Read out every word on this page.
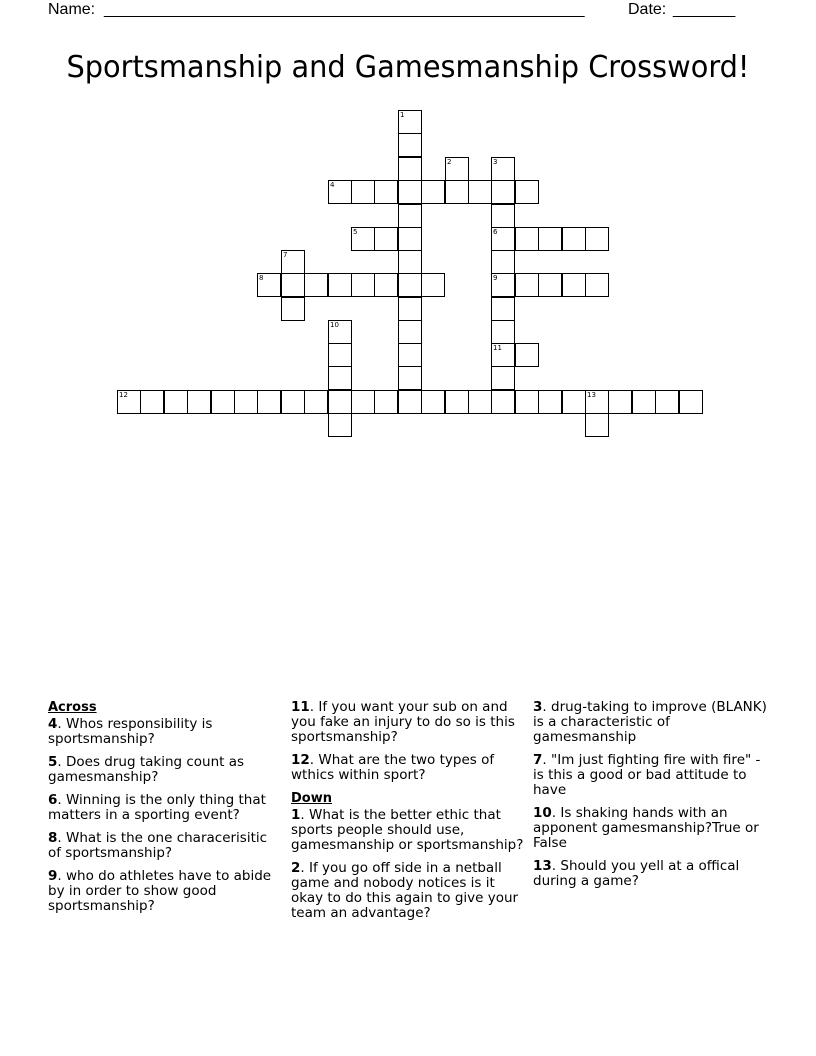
Name: ______________________________________________________	Date: _______
Sportsmanship and Gamesmanship Crossword!
4
5	6
8	9
11
12	13
1
2	3
7
10
Across
4. Whos responsibility is sportsmanship?
5. Does drug taking count as gamesmanship?
6. Winning is the only thing that matters in a sporting event?
8. What is the one characerisitic of sportsmanship?
9. who do athletes have to abide by in order to show good sportsmanship?
11. If you want your sub on and you fake an injury to do so is this sportsmanship?
12. What are the two types of wthics within sport?
Down
1. What is the better ethic that sports people should use, gamesmanship or sportsmanship?
2. If you go off side in a netball game and nobody notices is it okay to do this again to give your team an advantage?
3. drug-taking to improve (BLANK) is a characteristic of gamesmanship
7. "Im just fighting fire with fire" - is this a good or bad attitude to have
10. Is shaking hands with an apponent gamesmanship?True or False
13. Should you yell at a offical during a game?
